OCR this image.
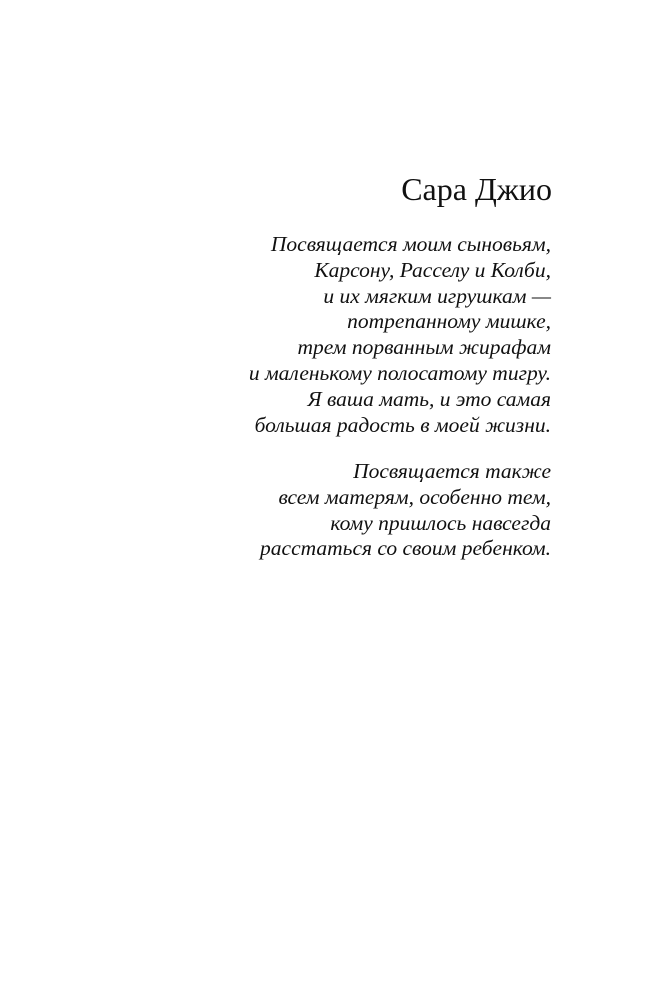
Сара Джио
Посвящается моим сыновьям,
Карсону, Расселу и Колби,
и их мягким игрушкам —
потрепанному мишке,
трем порванным жирафам
и маленькому полосатому тигру.
Я ваша мать, и это самая
большая радость в моей жизни.
Посвящается также
всем матерям, особенно тем,
кому пришлось навсегда
расстаться со своим ребенком.
